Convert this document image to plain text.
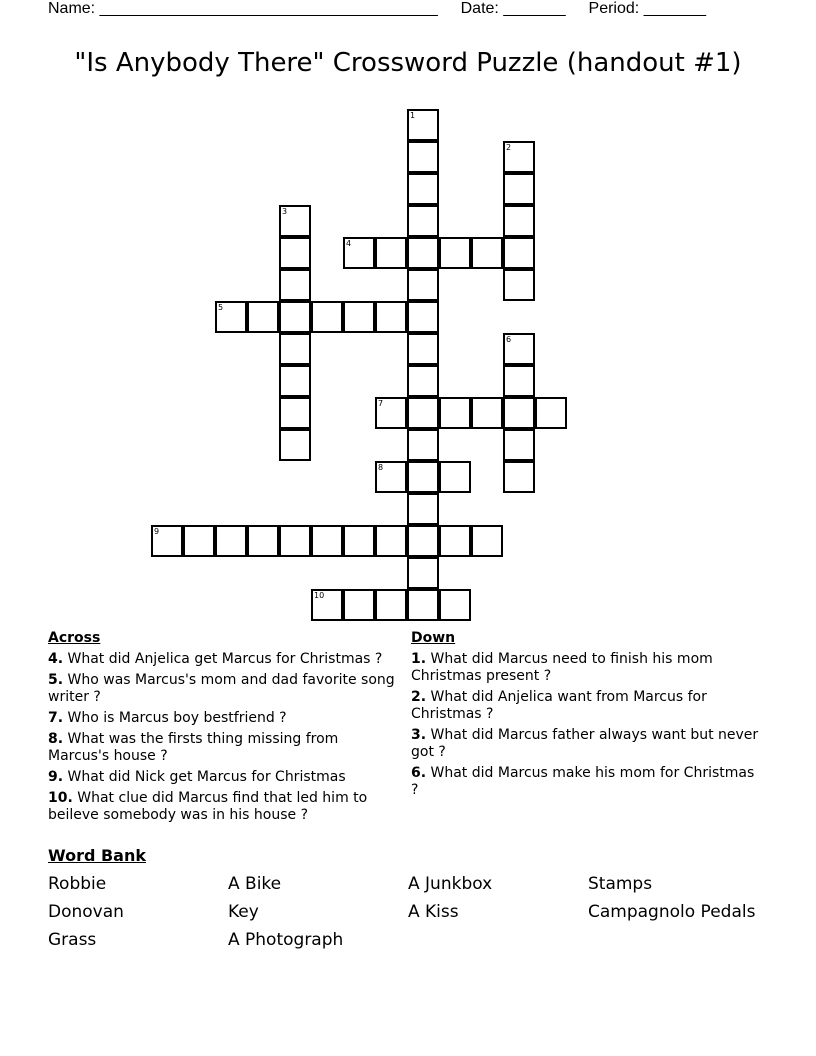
Name: ______________________________________ Date: _______ Period: _______
"Is Anybody There" Crossword Puzzle (handout #1)
1
2
3
4
5
6
7
8
9
10
Across
4. What did Anjelica get Marcus for Christmas ?
5. Who was Marcus's mom and dad favorite song writer ?
7. Who is Marcus boy bestfriend ?
8. What was the firsts thing missing from Marcus's house ?
9. What did Nick get Marcus for Christmas
10. What clue did Marcus find that led him to beileve somebody was in his house ?
Down
1. What did Marcus need to finish his mom Christmas present ?
2. What did Anjelica want from Marcus for Christmas ?
3. What did Marcus father always want but never got ?
6. What did Marcus make his mom for Christmas ?
Word Bank
Robbie	A Bike	A Junkbox	Stamps
Donovan	Key	A Kiss	Campagnolo Pedals
Grass	A Photograph
